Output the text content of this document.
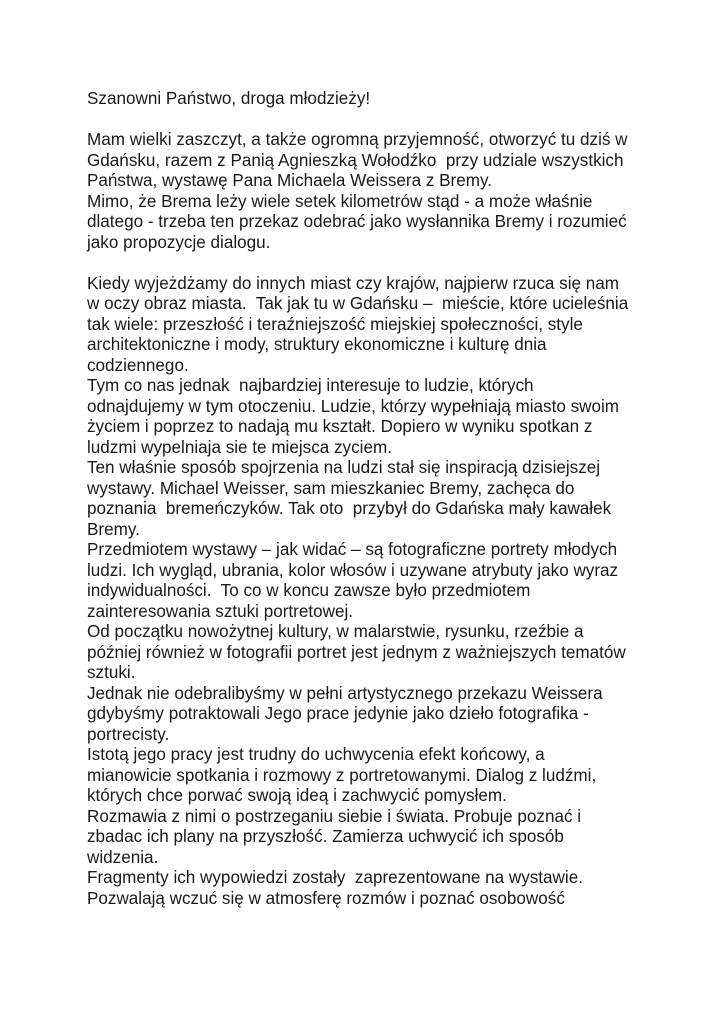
Szanowni Państwo, droga młodzieży!
Mam wielki zaszczyt, a także ogromną przyjemność, otworzyć tu dziś w
Gdańsku, razem z Panią Agnieszką Wołodźko  przy udziale wszystkich
Państwa, wystawę Pana Michaela Weissera z Bremy.
Mimo, że Brema leży wiele setek kilometrów stąd - a może właśnie
dlatego - trzeba ten przekaz odebrać jako wysłannika Bremy i rozumieć
jako propozycje dialogu.
Kiedy wyjeżdżamy do innych miast czy krajów, najpierw rzuca się nam
w oczy obraz miasta.  Tak jak tu w Gdańsku –  mieście, które ucieleśnia
tak wiele: przeszłość i teraźniejszość miejskiej społeczności, style
architektoniczne i mody, struktury ekonomiczne i kulturę dnia
codziennego.
Tym co nas jednak  najbardziej interesuje to ludzie, których
odnajdujemy w tym otoczeniu. Ludzie, którzy wypełniają miasto swoim
życiem i poprzez to nadają mu kształt. Dopiero w wyniku spotkan z
ludzmi wypelniaja sie te miejsca zyciem.
Ten właśnie sposób spojrzenia na ludzi stał się inspiracją dzisiejszej
wystawy. Michael Weisser, sam mieszkaniec Bremy, zachęca do
poznania  bremeńczyków. Tak oto  przybył do Gdańska mały kawałek
Bremy.
Przedmiotem wystawy – jak widać – są fotograficzne portrety młodych
ludzi. Ich wygląd, ubrania, kolor włosów i uzywane atrybuty jako wyraz
indywidualności.  To co w koncu zawsze było przedmiotem
zainteresowania sztuki portretowej.
Od początku nowożytnej kultury, w malarstwie, rysunku, rzeźbie a
później również w fotografii portret jest jednym z ważniejszych tematów
sztuki.
Jednak nie odebralibyśmy w pełni artystycznego przekazu Weissera
gdybyśmy potraktowali Jego prace jedynie jako dzieło fotografika -
portrecisty.
Istotą jego pracy jest trudny do uchwycenia efekt końcowy, a
mianowicie spotkania i rozmowy z portretowanymi. Dialog z ludźmi,
których chce porwać swoją ideą i zachwycić pomysłem.
Rozmawia z nimi o postrzeganiu siebie i świata. Probuje poznać i
zbadac ich plany na przyszłość. Zamierza uchwycić ich sposób
widzenia.
Fragmenty ich wypowiedzi zostały  zaprezentowane na wystawie.
Pozwalają wczuć się w atmosferę rozmów i poznać osobowość
